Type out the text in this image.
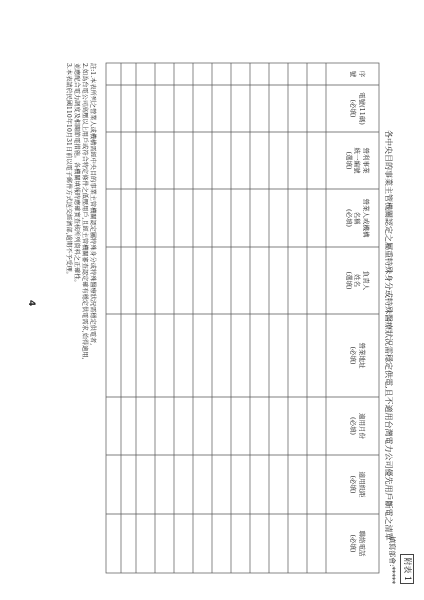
附表 1
填寫部會:*****
各中央目的事業主管機關認定之屬重特殊身分或特殊醫療狀況需穩定供電,且不適用台灣電力公司優先用戶斷電之清單
序
號
電號(11碼)
(必填)
營利事業
統一編號
(選填)
營業人或機構
名稱
(必填)
負責人
姓名
(選填)
營業地址
(必填)
適用月份
(必填)
適用級距
(必填)
聯絡電話
(必填)
註:1.本表所列之營業人或機構需經中央目的事業主管機關認定屬特殊身分或特殊醫療狀況需穩定供電者,
2.如為台電公司高壓以上用戶或符合特定條件之低壓用戶,且經主管機關審查認定確有穩定供電需求,始得適用,
並應配合電力調度及相關節電措施。各機關填報時應確實查核所列資料之正確性。
3.本表請於民國110年10月31日前以電子郵件方式送交經濟部,逾期不予受理。
4
